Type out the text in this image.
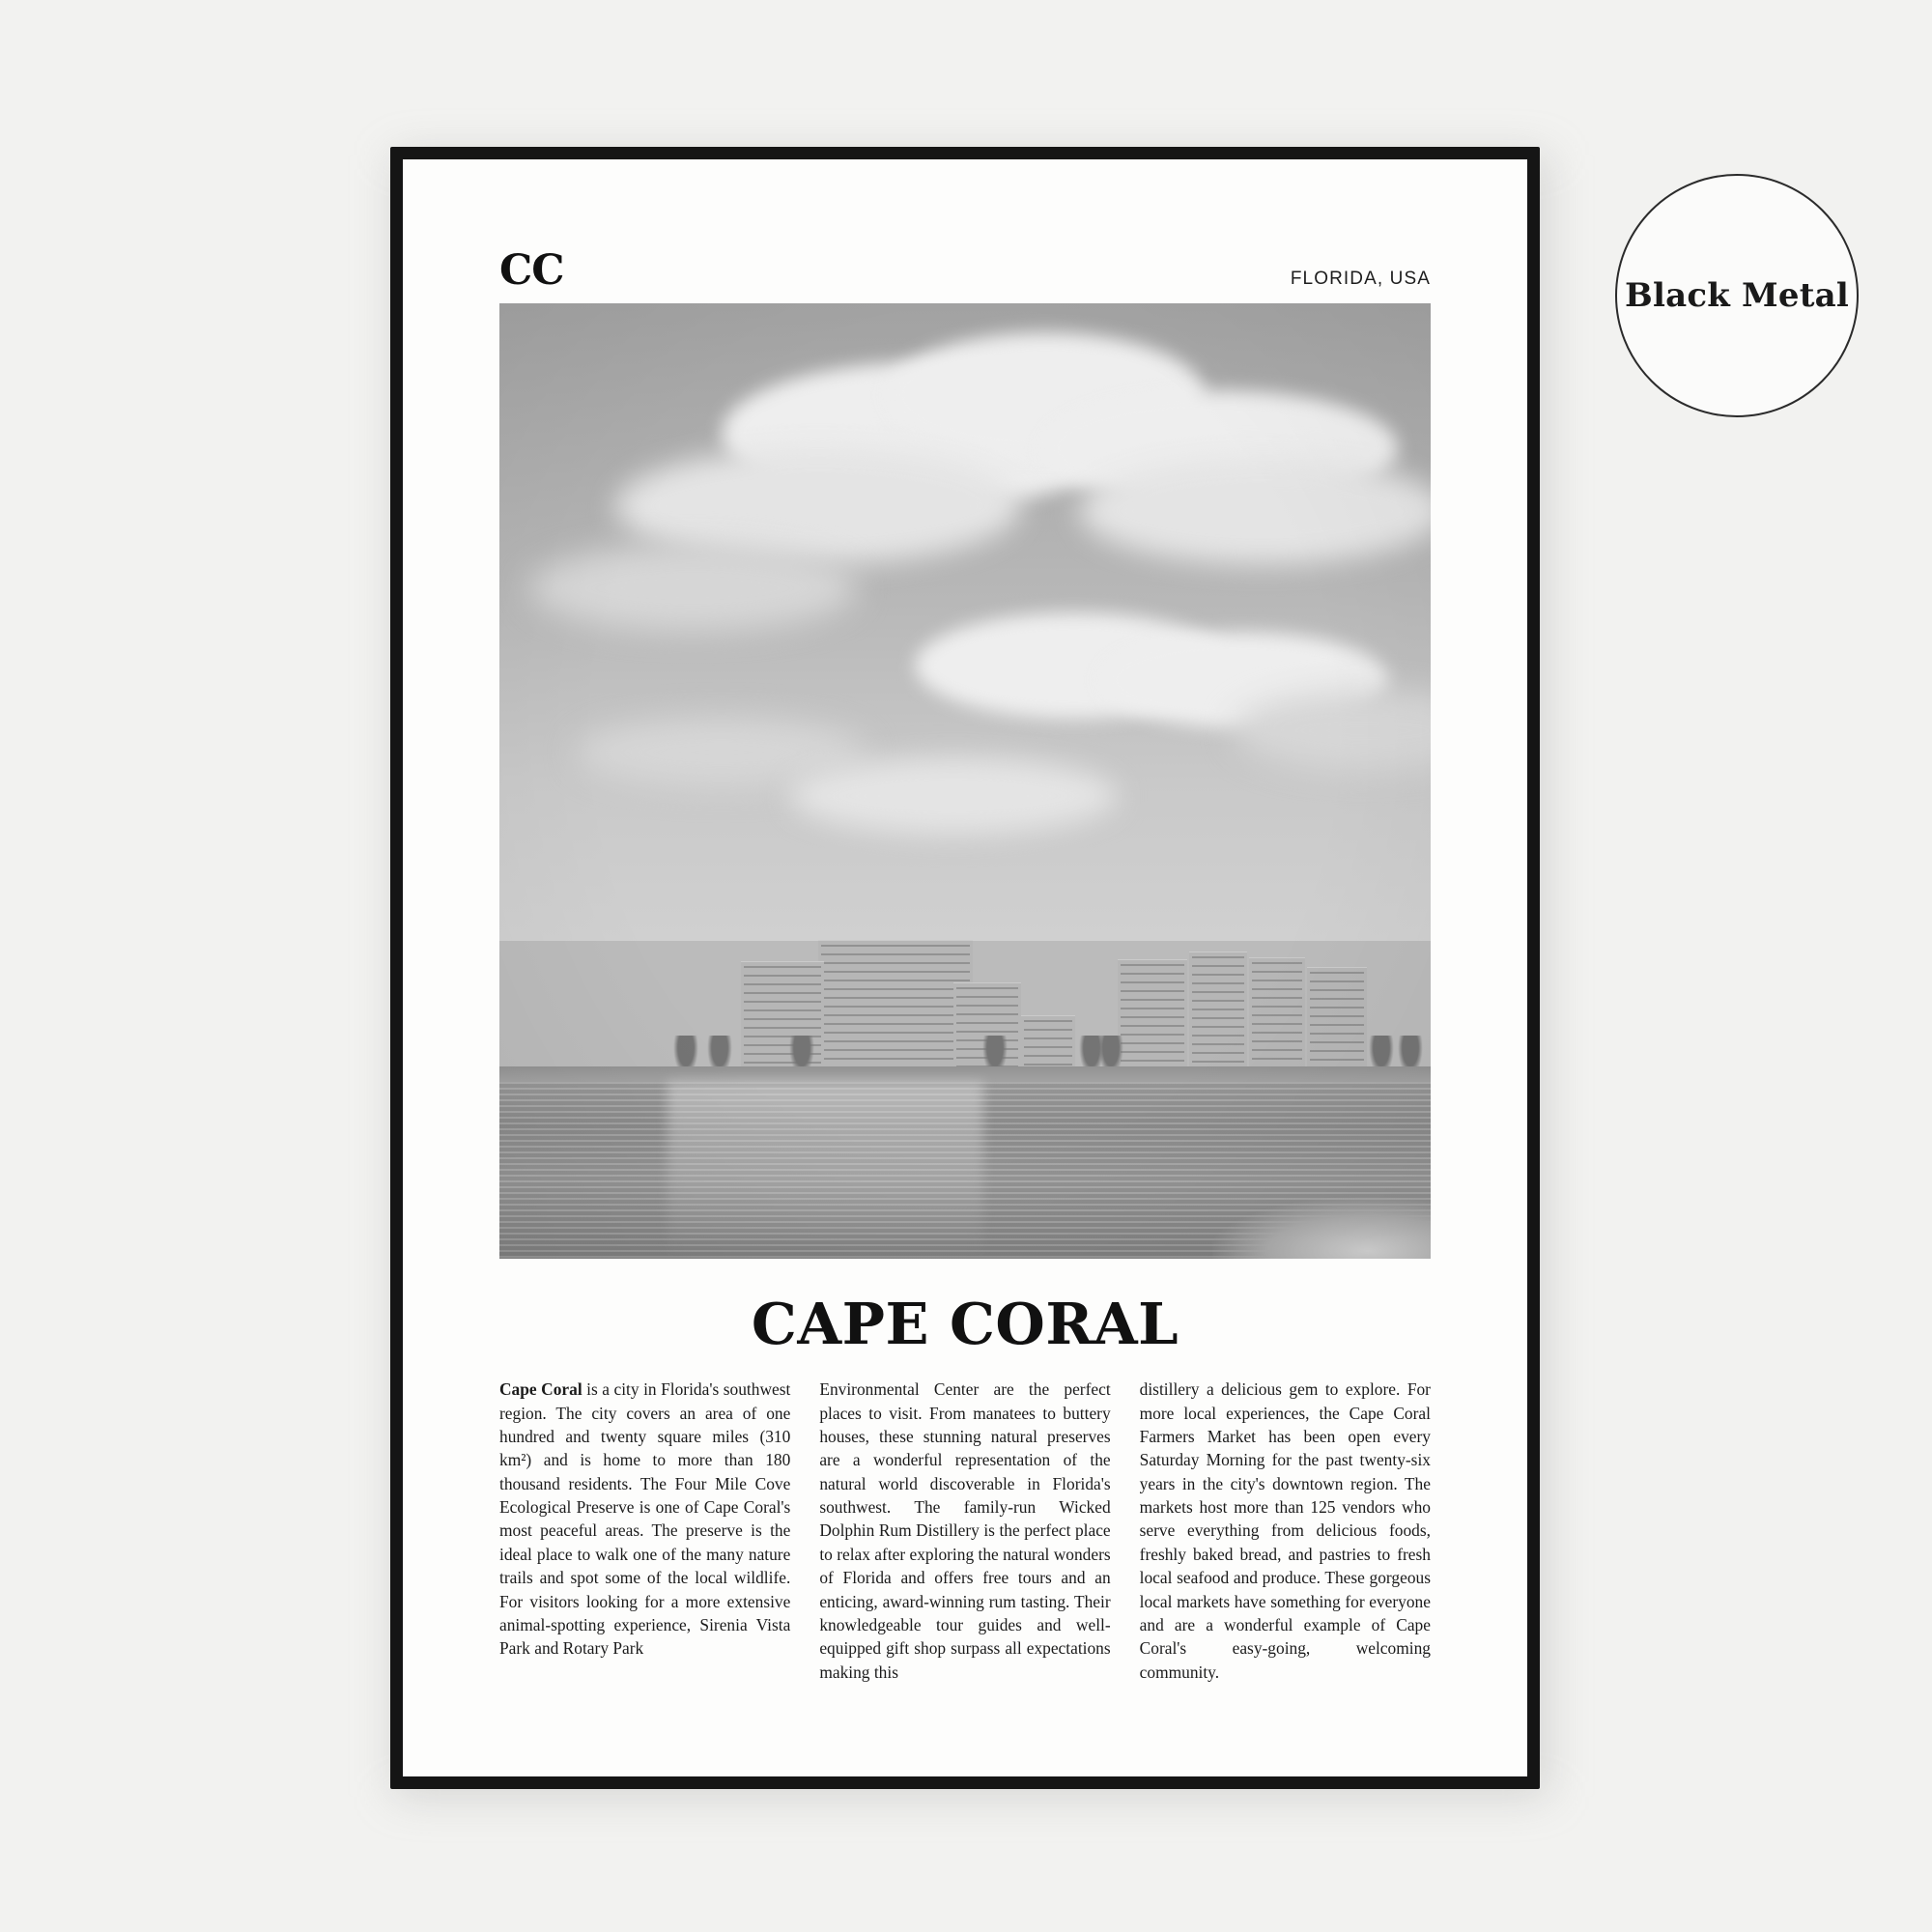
Black Metal
CC	FLORIDA, USA
CAPE CORAL
Cape Coral is a city in Florida's southwest region. The city covers an area of one hundred and twenty square miles (310 km²) and is home to more than 180 thousand residents. The Four Mile Cove Ecological Preserve is one of Cape Coral's most peaceful areas. The preserve is the ideal place to walk one of the many nature trails and spot some of the local wildlife. For visitors looking for a more extensive animal-spotting experience, Sirenia Vista Park and Rotary Park
Environmental Center are the perfect places to visit. From manatees to buttery houses, these stunning natural preserves are a wonderful representation of the natural world discoverable in Florida's southwest. The family-run Wicked Dolphin Rum Distillery is the perfect place to relax after exploring the natural wonders of Florida and offers free tours and an enticing, award-winning rum tasting. Their knowledgeable tour guides and well-equipped gift shop surpass all expectations making this
distillery a delicious gem to explore. For more local experiences, the Cape Coral Farmers Market has been open every Saturday Morning for the past twenty-six years in the city's downtown region. The markets host more than 125 vendors who serve everything from delicious foods, freshly baked bread, and pastries to fresh local seafood and produce. These gorgeous local markets have something for everyone and are a wonderful example of Cape Coral's easy-going, welcoming community.
